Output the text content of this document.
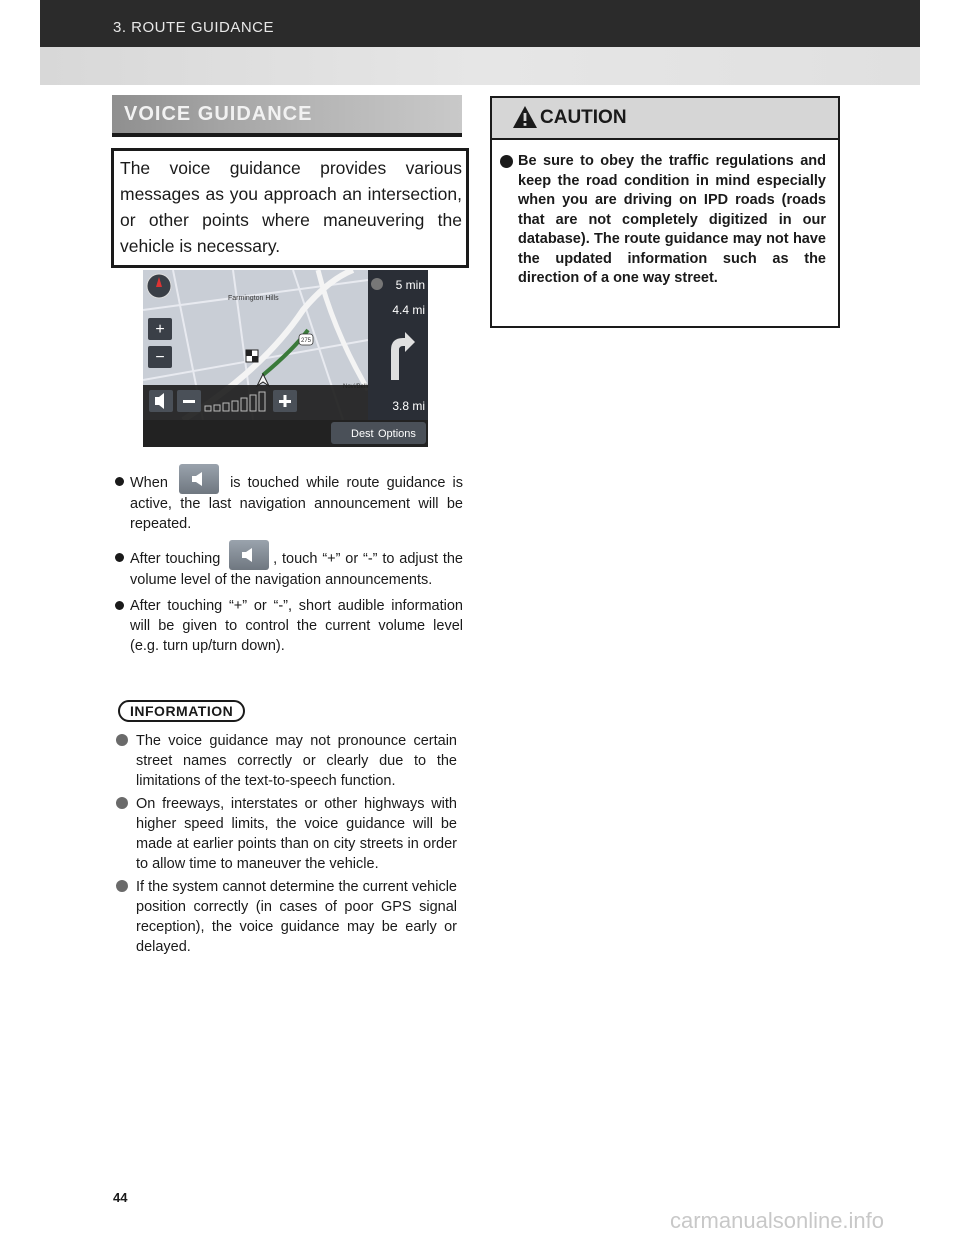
3. ROUTE GUIDANCE
VOICE GUIDANCE
The voice guidance provides various messages as you approach an intersection, or other points where maneuvering the vehicle is necessary.
+
−
Farmington Hills
275
5 min
4.4 mi
3.8 mi
Dest Options
When	is touched while route guidance is active, the last navigation announcement will be repeated.
After touching	, touch “+” or “-” to adjust the volume level of the navigation announcements.
After touching “+” or “-”, short audible information will be given to control the current volume level (e.g. turn up/turn down).
INFORMATION
The voice guidance may not pronounce certain street names correctly or clearly due to the limitations of the text-to-speech function.
On freeways, interstates or other highways with higher speed limits, the voice guidance will be made at earlier points than on city streets in order to allow time to maneuver the vehicle.
If the system cannot determine the current vehicle position correctly (in cases of poor GPS signal reception), the voice guidance may be early or delayed.
CAUTION
Be sure to obey the traffic regulations and keep the road condition in mind especially when you are driving on IPD roads (roads that are not completely digitized in our database). The route guidance may not have the updated information such as the direction of a one way street.
44
carmanualsonline.info
